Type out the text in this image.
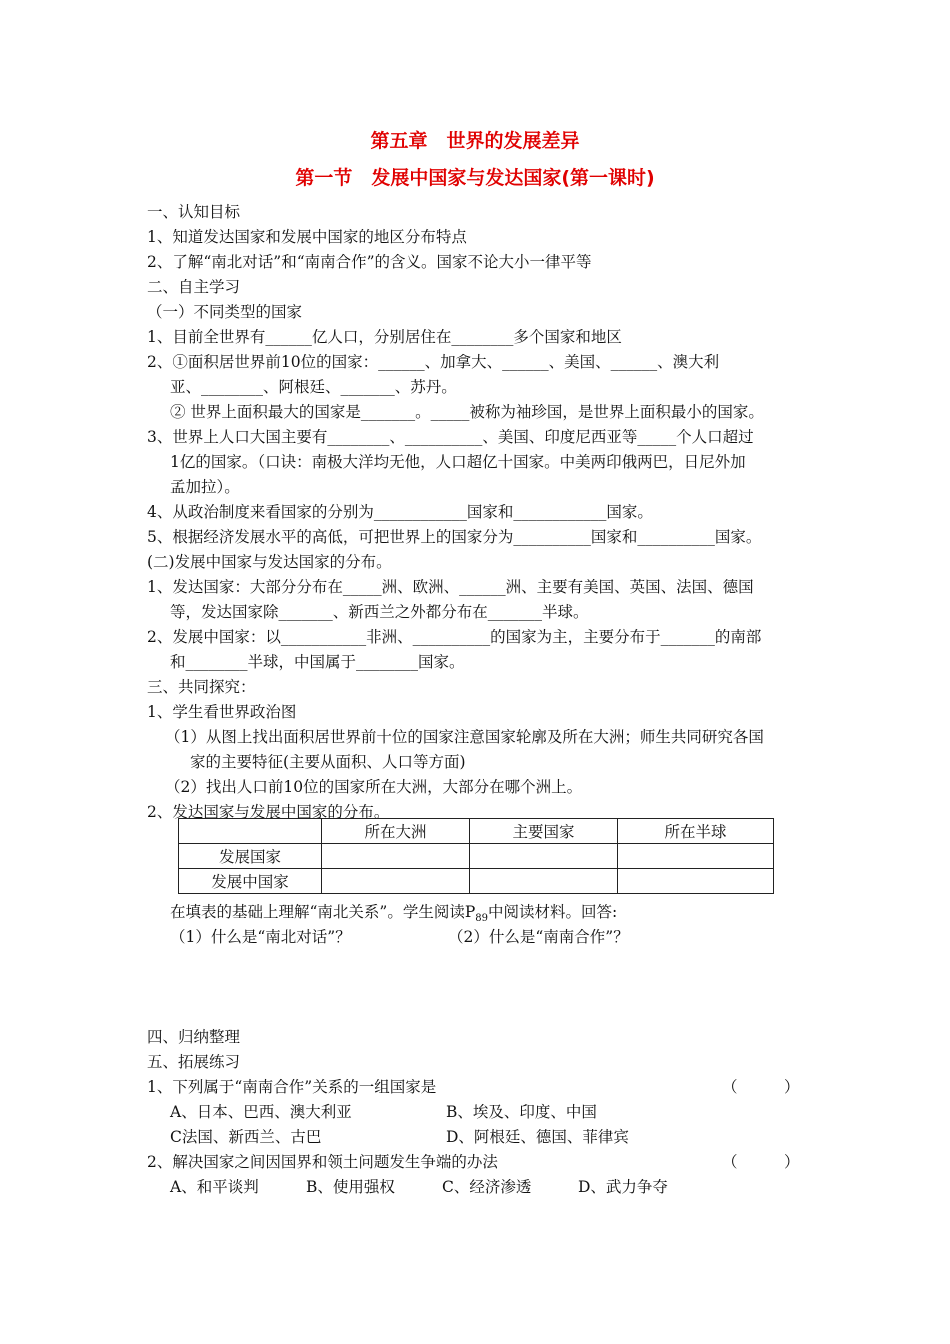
第五章　世界的发展差异
第一节　发展中国家与发达国家(第一课时)
一、认知目标
1、知道发达国家和发展中国家的地区分布特点
2、了解“南北对话”和“南南合作”的含义。国家不论大小一律平等
二、自主学习
（一）不同类型的国家
1、目前全世界有______亿人口，分别居住在________多个国家和地区
2、①面积居世界前10位的国家：______、加拿大、______、美国、______、澳大利
亚、________、阿根廷、_______、苏丹。
② 世界上面积最大的国家是_______。_____被称为袖珍国，是世界上面积最小的国家。
3、世界上人口大国主要有________、__________、美国、印度尼西亚等_____个人口超过
1亿的国家。（口诀：南极大洋均无他，人口超亿十国家。中美两印俄两巴，日尼外加
孟加拉）。
4、从政治制度来看国家的分别为____________国家和____________国家。
5、根据经济发展水平的高低，可把世界上的国家分为__________国家和__________国家。
(二)发展中国家与发达国家的分布。
1、发达国家：大部分分布在_____洲、欧洲、______洲、主要有美国、英国、法国、德国
等，发达国家除_______、新西兰之外都分布在_______半球。
2、发展中国家：以___________非洲、__________的国家为主，主要分布于_______的南部
和________半球，中国属于________国家。
三、共同探究：
1、学生看世界政治图
（1）从图上找出面积居世界前十位的国家注意国家轮廓及所在大洲；师生共同研究各国
家的主要特征(主要从面积、人口等方面)
（2）找出人口前10位的国家所在大洲，大部分在哪个洲上。
2、发达国家与发展中国家的分布。
	所在大洲	主要国家	所在半球
发展国家			
发展中国家			
在填表的基础上理解“南北关系”。学生阅读$P_{89}$中阅读材料。回答:
（1）什么是“南北对话”？	（2）什么是“南南合作”？
四、归纳整理
五、拓展练习
1、下列属于“南南合作”关系的一组国家是	（　　　）
A、日本、巴西、澳大利亚	B、埃及、印度、中国
C法国、新西兰、古巴	D、阿根廷、德国、菲律宾
2、解决国家之间因国界和领土问题发生争端的办法	（　　　）
A、和平谈判	B、使用强权	C、经济渗透	D、武力争夺
